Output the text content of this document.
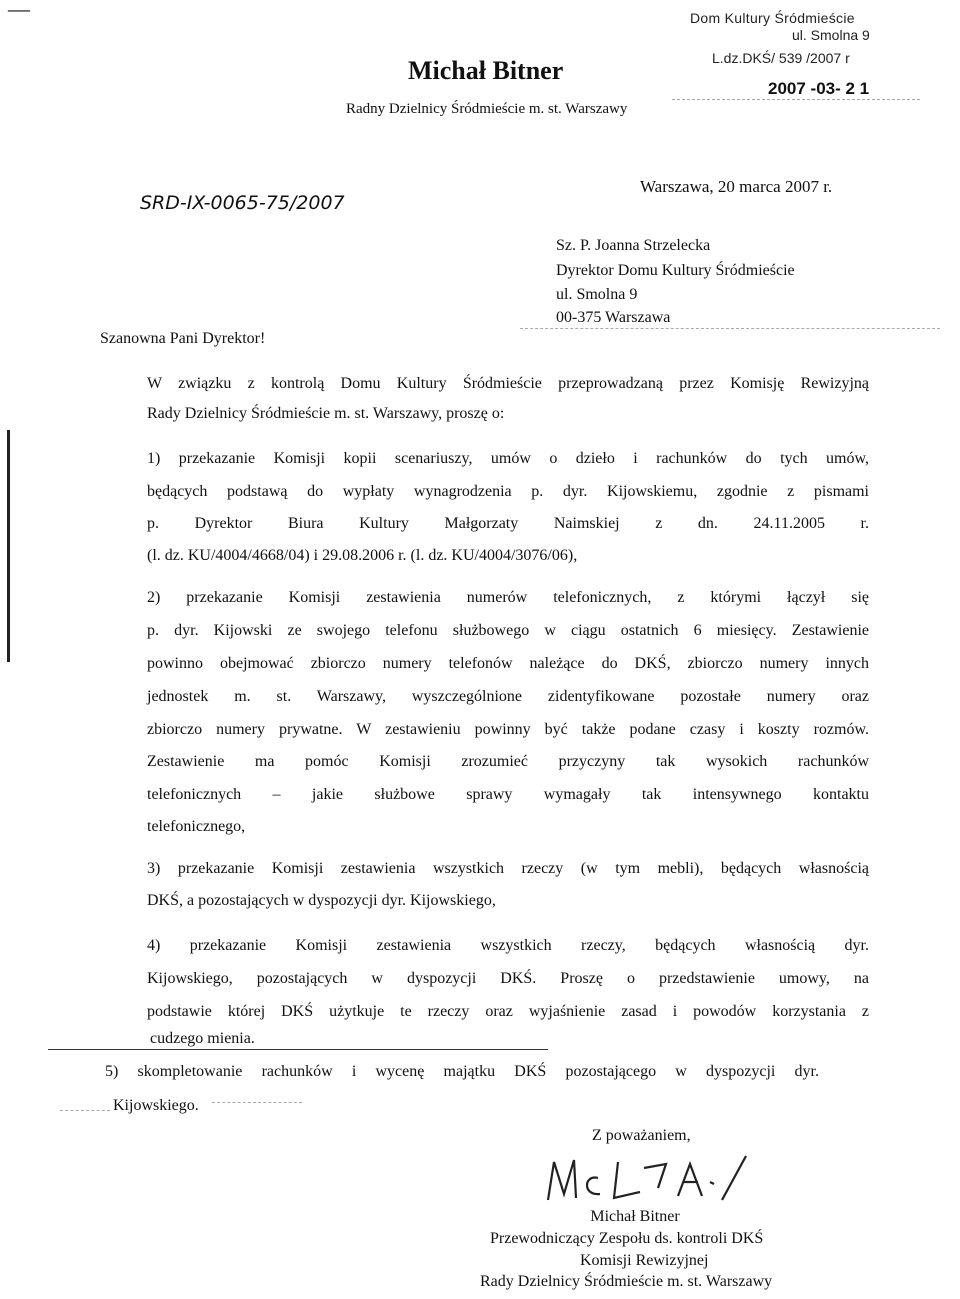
—
Michał Bitner
Radny Dzielnicy Śródmieście m. st. Warszawy
Dom Kultury Śródmieście
ul. Smolna 9
L.dz.DKŚ/ 539 /2007 r
2007 -03- 2 1
SRD-IX-0065-75/2007
Warszawa, 20 marca 2007 r.
Sz. P. Joanna Strzelecka
Dyrektor Domu Kultury Śródmieście
ul. Smolna 9
00-375 Warszawa
Szanowna Pani Dyrektor!
W związku z kontrolą Domu Kultury Śródmieście przeprowadzaną przez Komisję Rewizyjną
Rady Dzielnicy Śródmieście m. st. Warszawy, proszę o:
1) przekazanie Komisji kopii scenariuszy, umów o dzieło i rachunków do tych umów,
będących podstawą do wypłaty wynagrodzenia p. dyr. Kijowskiemu, zgodnie z pismami
p. Dyrektor Biura Kultury Małgorzaty Naimskiej z dn. 24.11.2005 r.
(l. dz. KU/4004/4668/04) i 29.08.2006 r. (l. dz. KU/4004/3076/06),
2) przekazanie Komisji zestawienia numerów telefonicznych, z którymi łączył się
p. dyr. Kijowski ze swojego telefonu służbowego w ciągu ostatnich 6 miesięcy. Zestawienie
powinno obejmować zbiorczo numery telefonów należące do DKŚ, zbiorczo numery innych
jednostek m. st. Warszawy, wyszczególnione zidentyfikowane pozostałe numery oraz
zbiorczo numery prywatne. W zestawieniu powinny być także podane czasy i koszty rozmów.
Zestawienie ma pomóc Komisji zrozumieć przyczyny tak wysokich rachunków
telefonicznych – jakie służbowe sprawy wymagały tak intensywnego kontaktu
telefonicznego,
3) przekazanie Komisji zestawienia wszystkich rzeczy (w tym mebli), będących własnością
DKŚ, a pozostających w dyspozycji dyr. Kijowskiego,
4) przekazanie Komisji zestawienia wszystkich rzeczy, będących własnością dyr.
Kijowskiego, pozostających w dyspozycji DKŚ. Proszę o przedstawienie umowy, na
podstawie której DKŚ użytkuje te rzeczy oraz wyjaśnienie zasad i powodów korzystania z
cudzego mienia.
5) skompletowanie rachunków i wycenę majątku DKŚ pozostającego w dyspozycji dyr.
Kijowskiego.
Z poważaniem,
Michał Bitner
Przewodniczący Zespołu ds. kontroli DKŚ
Komisji Rewizyjnej
Rady Dzielnicy Śródmieście m. st. Warszawy
